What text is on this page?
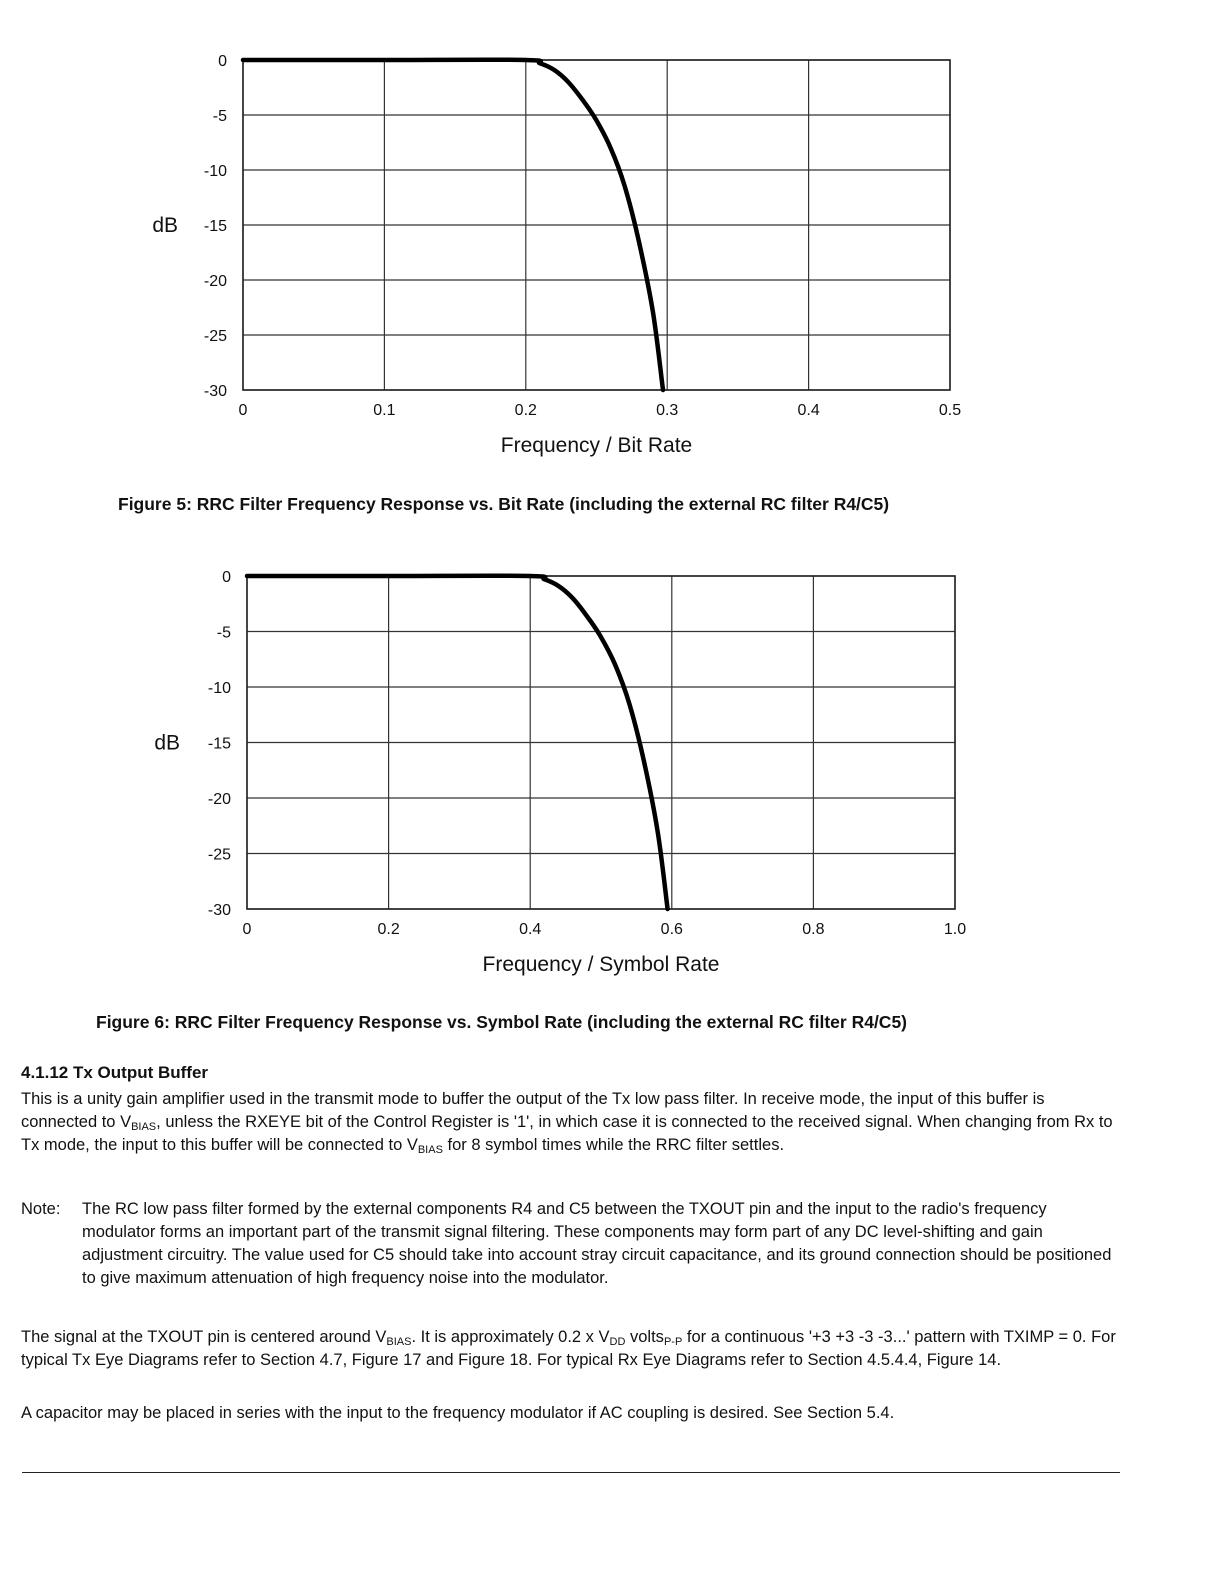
0
-5
-10
-15
-20
-25
-30
0	0.1	0.2	0.3	0.4	0.5
dB
Frequency / Bit Rate
Figure 5: RRC Filter Frequency Response vs. Bit Rate (including the external RC filter R4/C5)
0
-5
-10
-15
-20
-25
-30
0	0.2	0.4	0.6	0.8	1.0
dB
Frequency / Symbol Rate
Figure 6: RRC Filter Frequency Response vs. Symbol Rate (including the external RC filter R4/C5)
4.1.12 Tx Output Buffer
This is a unity gain amplifier used in the transmit mode to buffer the output of the Tx low pass filter. In receive mode, the input of this buffer is connected to $V_{BIAS}$, unless the RXEYE bit of the Control Register is '1', in which case it is connected to the received signal. When changing from Rx to Tx mode, the input to this buffer will be connected to $V_{BIAS}$ for 8 symbol times while the RRC filter settles.
Note:	The RC low pass filter formed by the external components R4 and C5 between the TXOUT pin and the input to the radio's frequency modulator forms an important part of the transmit signal filtering. These components may form part of any DC level-shifting and gain adjustment circuitry. The value used for C5 should take into account stray circuit capacitance, and its ground connection should be positioned to give maximum attenuation of high frequency noise into the modulator.
The signal at the TXOUT pin is centered around $V_{BIAS}$. It is approximately 0.2 x $V_{DD}$ volts$_{P-P}$ for a continuous '+3 +3 -3 -3...' pattern with TXIMP = 0. For typical Tx Eye Diagrams refer to Section 4.7, Figure 17 and Figure 18. For typical Rx Eye Diagrams refer to Section 4.5.4.4, Figure 14.
A capacitor may be placed in series with the input to the frequency modulator if AC coupling is desired. See Section 5.4.
